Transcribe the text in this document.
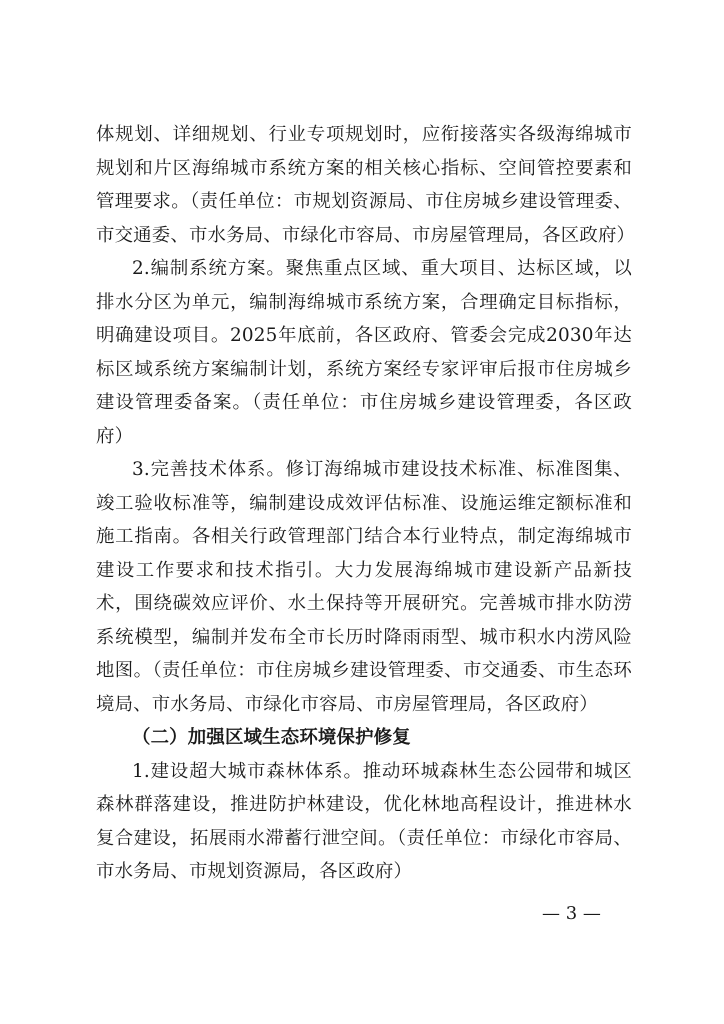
体规划、详细规划、行业专项规划时，应衔接落实各级海绵城市规划和片区海绵城市系统方案的相关核心指标、空间管控要素和管理要求。（责任单位：市规划资源局、市住房城乡建设管理委、市交通委、市水务局、市绿化市容局、市房屋管理局，各区政府）

2.编制系统方案。聚焦重点区域、重大项目、达标区域，以排水分区为单元，编制海绵城市系统方案，合理确定目标指标，明确建设项目。2025年底前，各区政府、管委会完成2030年达标区域系统方案编制计划，系统方案经专家评审后报市住房城乡建设管理委备案。（责任单位：市住房城乡建设管理委，各区政府）

3.完善技术体系。修订海绵城市建设技术标准、标准图集、竣工验收标准等，编制建设成效评估标准、设施运维定额标准和施工指南。各相关行政管理部门结合本行业特点，制定海绵城市建设工作要求和技术指引。大力发展海绵城市建设新产品新技术，围绕碳效应评价、水土保持等开展研究。完善城市排水防涝系统模型，编制并发布全市长历时降雨雨型、城市积水内涝风险地图。（责任单位：市住房城乡建设管理委、市交通委、市生态环境局、市水务局、市绿化市容局、市房屋管理局，各区政府）

（二）加强区域生态环境保护修复

1.建设超大城市森林体系。推动环城森林生态公园带和城区森林群落建设，推进防护林建设，优化林地高程设计，推进林水复合建设，拓展雨水滞蓄行泄空间。（责任单位：市绿化市容局、市水务局、市规划资源局，各区政府）

— 3 —
